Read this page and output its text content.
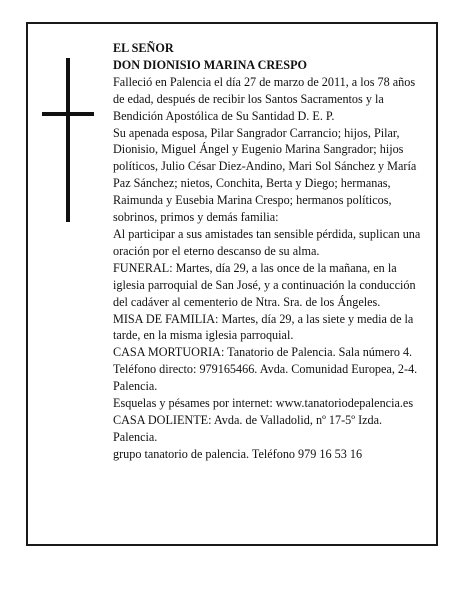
EL SEÑOR

DON DIONISIO MARINA CRESPO

Falleció en Palencia el día 27 de marzo de 2011, a los 78 años de edad, después de recibir los Santos Sacramentos y la Bendición Apostólica de Su Santidad D. E. P.

Su apenada esposa, Pilar Sangrador Carrancio; hijos, Pilar, Dionisio, Miguel Ángel y Eugenio Marina Sangrador; hijos políticos, Julio César Diez-Andino, Mari Sol Sánchez y María Paz Sánchez; nietos, Conchita, Berta y Diego; hermanas, Raimunda y Eusebia Marina Crespo; hermanos políticos, sobrinos, primos y demás familia:

Al participar a sus amistades tan sensible pérdida, suplican una oración por el eterno descanso de su alma.

FUNERAL: Martes, día 29, a las once de la mañana, en la iglesia parroquial de San José, y a continuación la conducción del cadáver al cementerio de Ntra. Sra. de los Ángeles.

MISA DE FAMILIA: Martes, día 29, a las siete y media de la tarde, en la misma iglesia parroquial.

CASA MORTUORIA: Tanatorio de Palencia. Sala número 4. Teléfono directo: 979165466. Avda. Comunidad Europea, 2-4. Palencia.

Esquelas y pésames por internet: www.tanatoriodepalencia.es

CASA DOLIENTE: Avda. de Valladolid, nº 17-5º Izda. Palencia.

grupo tanatorio de palencia. Teléfono 979 16 53 16
